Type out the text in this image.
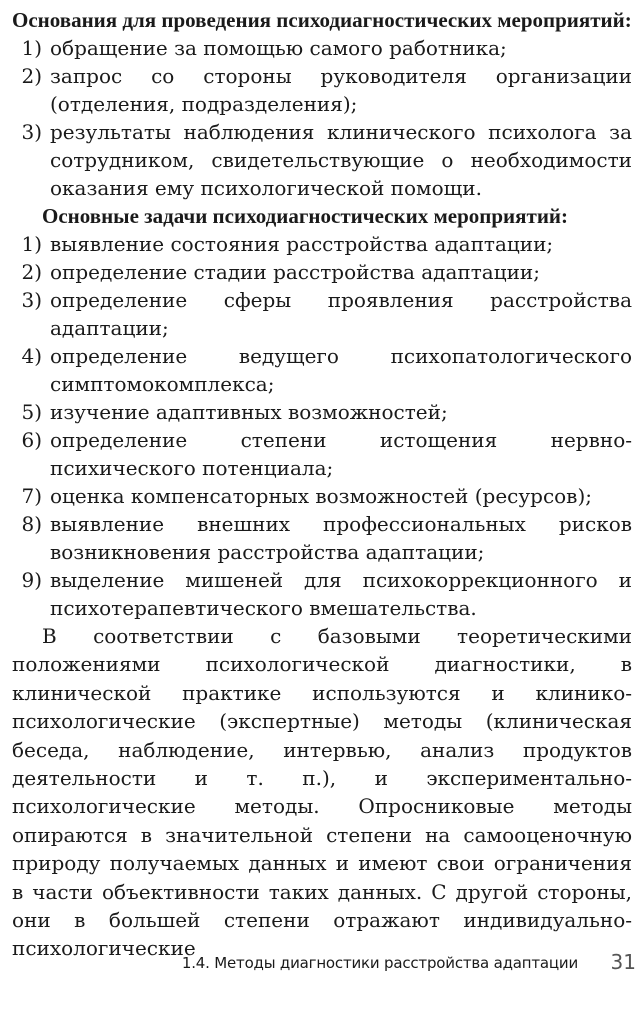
Основания для проведения психодиагностических мероприятий:

1) обращение за помощью самого работника;
2) запрос со стороны руководителя организации (отделения, подразделения);
3) результаты наблюдения клинического психолога за сотрудником, свидетельствующие о необходимости оказания ему психологической помощи.

Основные задачи психодиагностических мероприятий:

1) выявление состояния расстройства адаптации;
2) определение стадии расстройства адаптации;
3) определение сферы проявления расстройства адаптации;
4) определение ведущего психопатологического симптомокомплекса;
5) изучение адаптивных возможностей;
6) определение степени истощения нервно-психического потенциала;
7) оценка компенсаторных возможностей (ресурсов);
8) выявление внешних профессиональных рисков возникновения расстройства адаптации;
9) выделение мишеней для психокоррекционного и психотерапевтического вмешательства.

В соответствии с базовыми теоретическими положениями психологической диагностики, в клинической практике используются и клинико-психологические (экспертные) методы (клиническая беседа, наблюдение, интервью, анализ продуктов деятельности и т. п.), и экспериментально-психологические методы. Опросниковые методы опираются в значительной степени на самооценочную природу получаемых данных и имеют свои ограничения в части объективности таких данных. С другой стороны, они в большей степени отражают индивидуально-психологические

1.4. Методы диагностики расстройства адаптации 31
